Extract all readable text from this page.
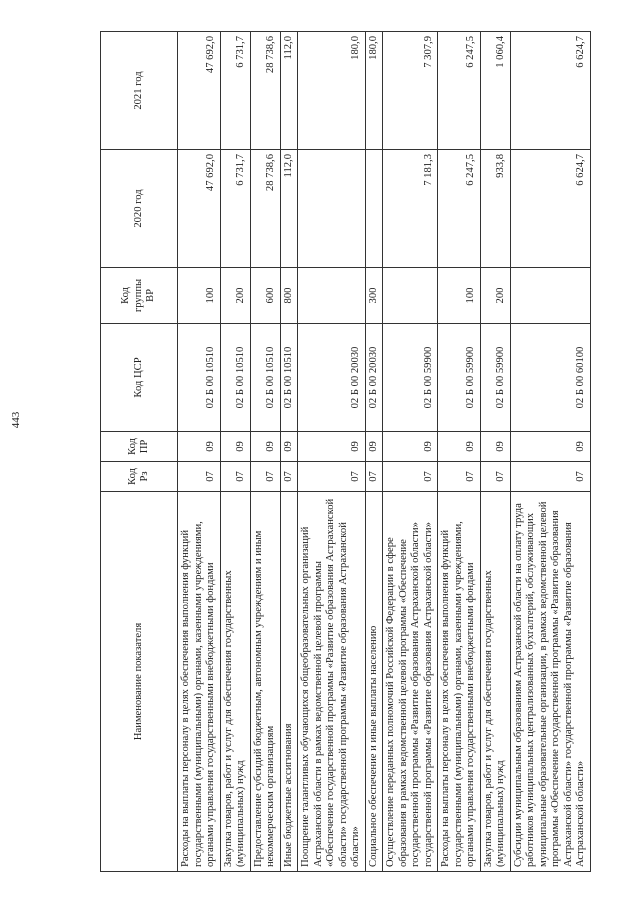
443
Наименование показателя	Код Рз	Код ПР	Код ЦСР	Код группы ВР	2020 год	2021 год
Расходы на выплаты персоналу в целях обеспечения выполнения функций государственными (муниципальными) органами, казенными учреждениями, органами управления государственными внебюджетными фондами	07	09	02 Б 00 10510	100	47 692,0	47 692,0
Закупка товаров, работ и услуг для обеспечения государственных (муниципальных) нужд	07	09	02 Б 00 10510	200	6 731,7	6 731,7
Предоставление субсидий бюджетным, автономным учреждениям и иным некоммерческим организациям	07	09	02 Б 00 10510	600	28 738,6	28 738,6
Иные бюджетные ассигнования	07	09	02 Б 00 10510	800	112,0	112,0
Поощрение талантливых обучающихся общеобразовательных организаций Астраханской области в рамках ведомственной целевой программы «Обеспечение государственной программы «Развитие образования Астраханской области» государственной программы «Развитие образования Астраханской области»	07	09	02 Б 00 20030			180,0
Социальное обеспечение и иные выплаты населению	07	09	02 Б 00 20030	300		180,0
Осуществление переданных полномочий Российской Федерации в сфере образования в рамках ведомственной целевой программы «Обеспечение государственной программы «Развитие образования Астраханской области» государственной программы «Развитие образования Астраханской области»	07	09	02 Б 00 59900		7 181,3	7 307,9
Расходы на выплаты персоналу в целях обеспечения выполнения функций государственными (муниципальными) органами, казенными учреждениями, органами управления государственными внебюджетными фондами	07	09	02 Б 00 59900	100	6 247,5	6 247,5
Закупка товаров, работ и услуг для обеспечения государственных (муниципальных) нужд	07	09	02 Б 00 59900	200	933,8	1 060,4
Субсидии муниципальным образованиям Астраханской области на оплату труда работников муниципальных централизованных бухгалтерий, обслуживающих муниципальные образовательные организации, в рамках ведомственной целевой программы «Обеспечение государственной программы «Развитие образования Астраханской области» государственной программы «Развитие образования Астраханской области»	07	09	02 Б 00 60100		6 624,7	6 624,7
